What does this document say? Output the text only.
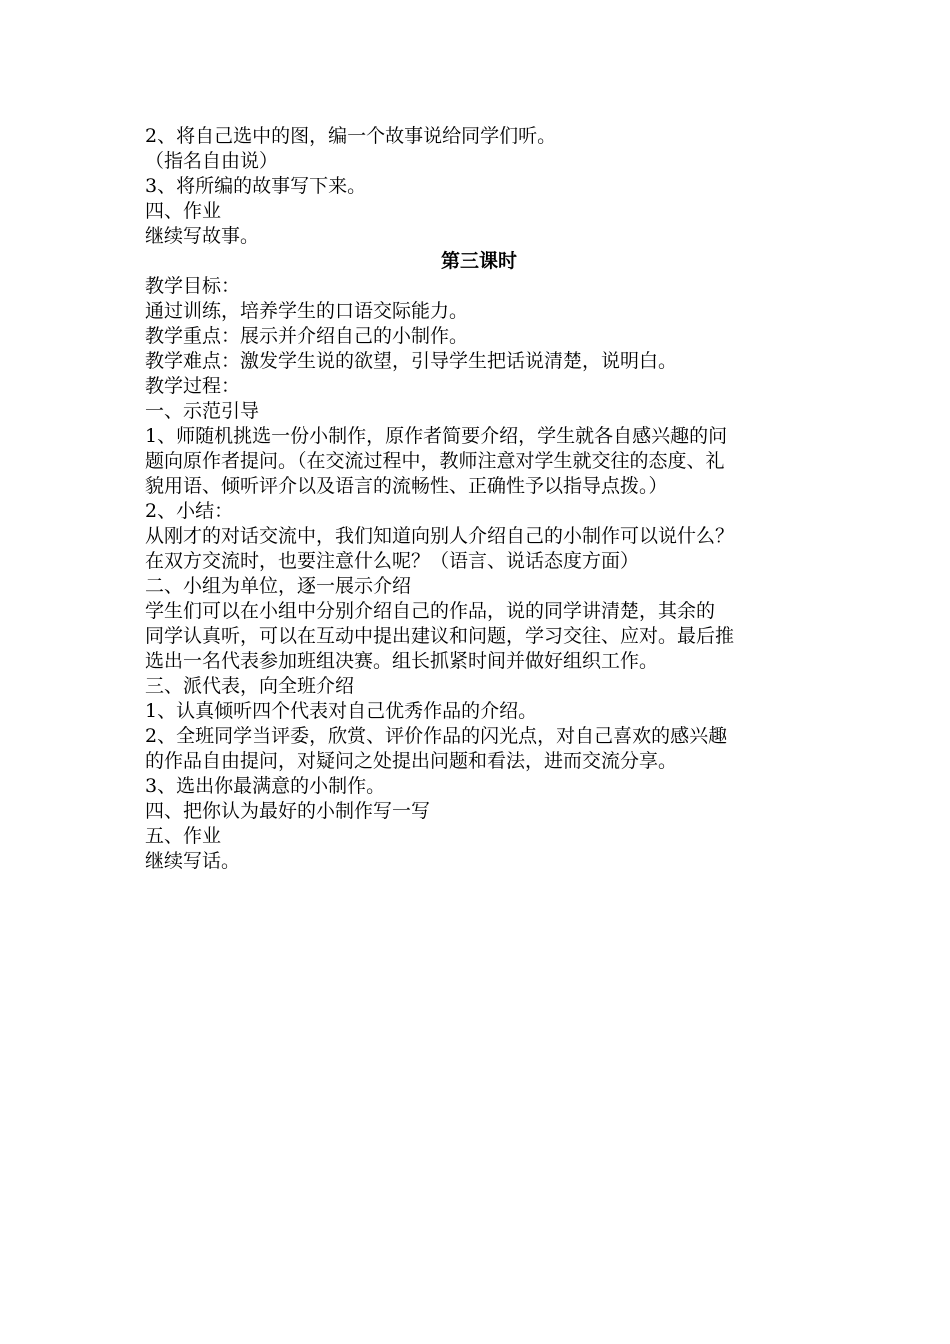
2、将自己选中的图，编一个故事说给同学们听。
（指名自由说）
3、将所编的故事写下来。
四、作业
继续写故事。
第三课时
教学目标：
通过训练，培养学生的口语交际能力。
教学重点：展示并介绍自己的小制作。
教学难点：激发学生说的欲望，引导学生把话说清楚，说明白。
教学过程：
一、示范引导
1、师随机挑选一份小制作，原作者简要介绍，学生就各自感兴趣的问
题向原作者提问。（在交流过程中，教师注意对学生就交往的态度、礼
貌用语、倾听评介以及语言的流畅性、正确性予以指导点拨。）
2、小结：
从刚才的对话交流中，我们知道向别人介绍自己的小制作可以说什么？
在双方交流时，也要注意什么呢？（语言、说话态度方面）
二、小组为单位，逐一展示介绍
学生们可以在小组中分别介绍自己的作品，说的同学讲清楚，其余的
同学认真听，可以在互动中提出建议和问题，学习交往、应对。最后推
选出一名代表参加班组决赛。组长抓紧时间并做好组织工作。
三、派代表，向全班介绍
1、认真倾听四个代表对自己优秀作品的介绍。
2、全班同学当评委，欣赏、评价作品的闪光点，对自己喜欢的感兴趣
的作品自由提问，对疑问之处提出问题和看法，进而交流分享。
3、选出你最满意的小制作。
四、把你认为最好的小制作写一写
五、作业
继续写话。
